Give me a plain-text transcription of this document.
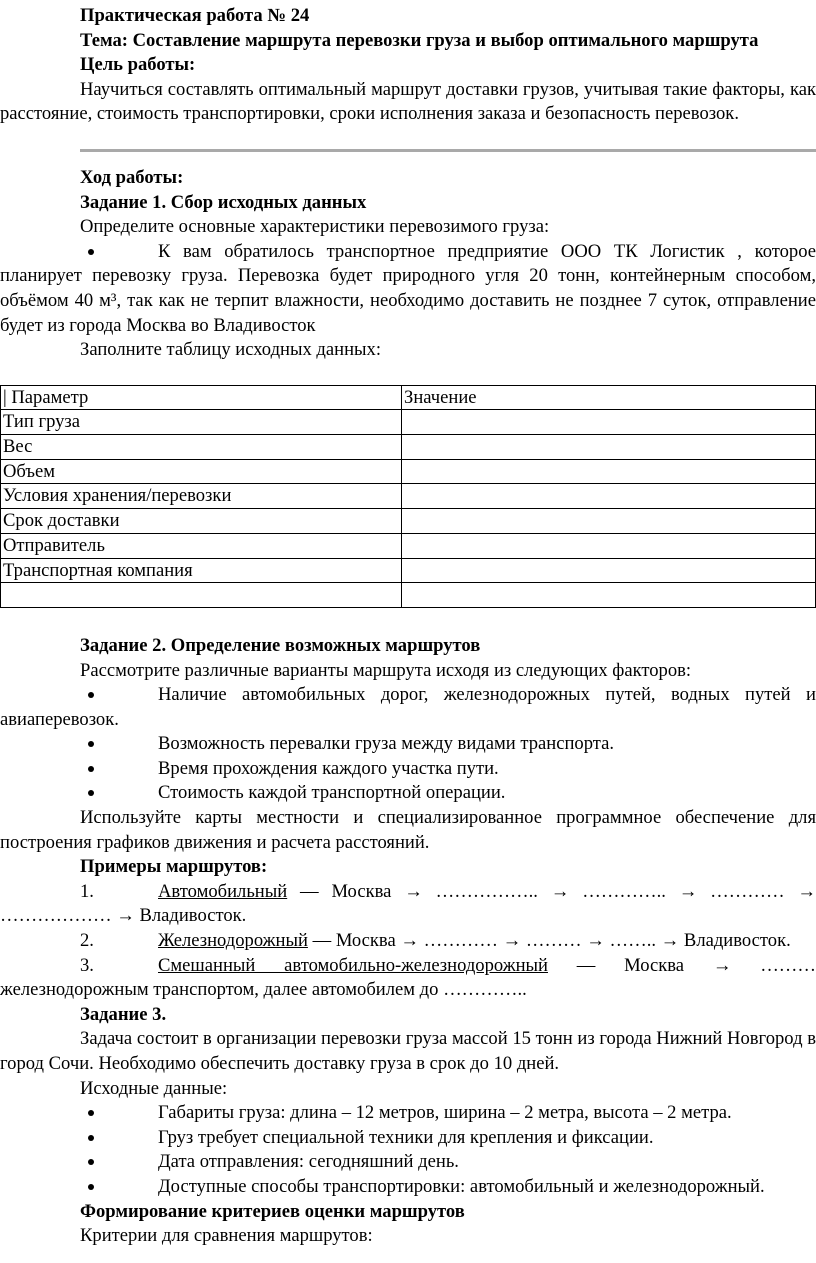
Практическая работа № 24

Тема: Составление маршрута перевозки груза и выбор оптимального маршрута

Цель работы:

Научиться составлять оптимальный маршрут доставки грузов, учитывая такие факторы, как расстояние, стоимость транспортировки, сроки исполнения заказа и безопасность перевозок.

Ход работы:

Задание 1. Сбор исходных данных

Определите основные характеристики перевозимого груза:

К вам обратилось транспортное предприятие ООО ТК Логистик , которое планирует перевозку груза. Перевозка будет природного угля 20 тонн, контейнерным способом, объёмом 40 м³, так как не терпит влажности, необходимо доставить не позднее 7 суток, отправление будет из города Москва во Владивосток

Заполните таблицу исходных данных:

| Параметр	Значение
Тип груза	
Вес	
Объем	
Условия хранения/перевозки	
Срок доставки	
Отправитель	
Транспортная компания	

Задание 2. Определение возможных маршрутов

Рассмотрите различные варианты маршрута исходя из следующих факторов:

Наличие автомобильных дорог, железнодорожных путей, водных путей и авиаперевозок.

Возможность перевалки груза между видами транспорта.

Время прохождения каждого участка пути.

Стоимость каждой транспортной операции.

Используйте карты местности и специализированное программное обеспечение для построения графиков движения и расчета расстояний.

Примеры маршрутов:

1.	Автомобильный — Москва → …………….. → ………….. → ………… → ……………… → Владивосток.

2.	Железнодорожный — Москва → ………… → ……… → …….. → Владивосток.

3.	Смешанный автомобильно-железнодорожный — Москва → ……… железнодорожным транспортом, далее автомобилем до …………..

Задание 3.

Задача состоит в организации перевозки груза массой 15 тонн из города Нижний Новгород в город Сочи. Необходимо обеспечить доставку груза в срок до 10 дней.

Исходные данные:

Габариты груза: длина – 12 метров, ширина – 2 метра, высота – 2 метра.

Груз требует специальной техники для крепления и фиксации.

Дата отправления: сегодняшний день.

Доступные способы транспортировки: автомобильный и железнодорожный.

Формирование критериев оценки маршрутов

Критерии для сравнения маршрутов:
